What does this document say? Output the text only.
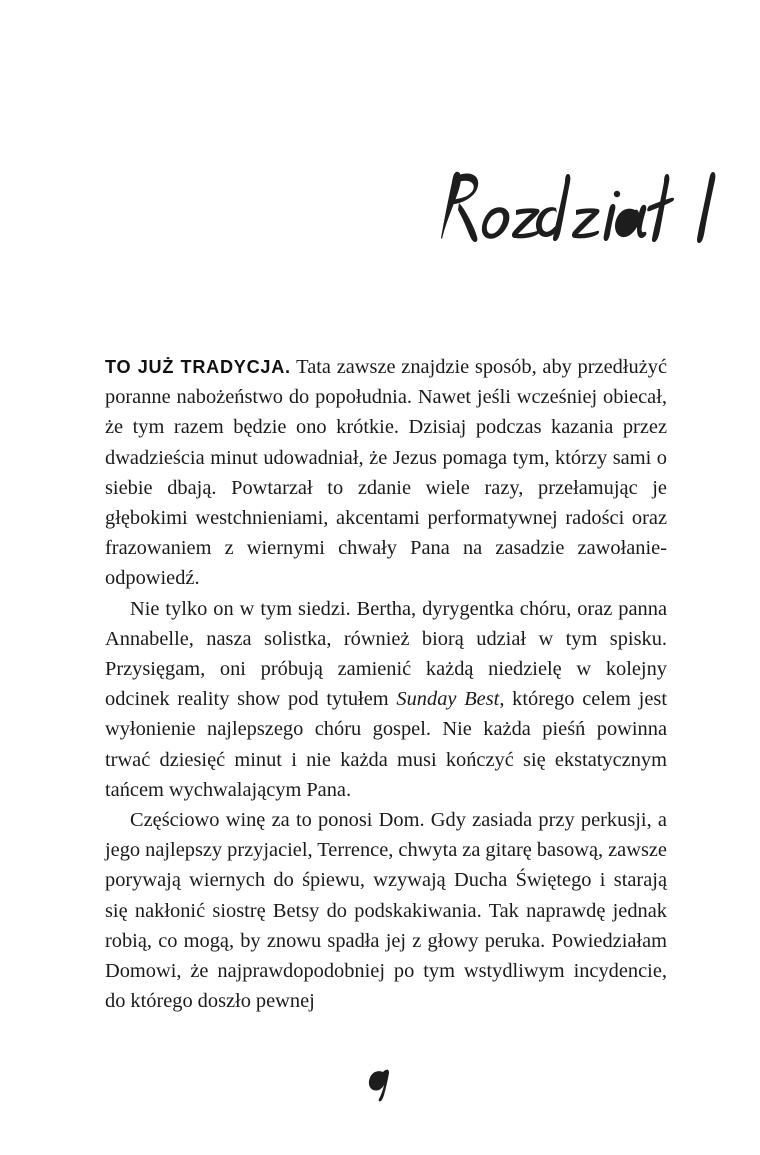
TO JUŻ TRADYCJA. Tata zawsze znajdzie sposób, aby przedłużyć poranne nabożeństwo do popołudnia. Nawet jeśli wcześniej obiecał, że tym razem będzie ono krótkie. Dzisiaj podczas kazania przez dwadzieścia minut udowadniał, że Jezus pomaga tym, którzy sami o siebie dbają. Powtarzał to zdanie wiele razy, przełamując je głębokimi westchnieniami, akcentami performatywnej radości oraz frazowaniem z wiernymi chwały Pana na zasadzie zawołanie-odpowiedź.

Nie tylko on w tym siedzi. Bertha, dyrygentka chóru, oraz panna Annabelle, nasza solistka, również biorą udział w tym spisku. Przysięgam, oni próbują zamienić każdą niedzielę w kolejny odcinek reality show pod tytułem Sunday Best, którego celem jest wyłonienie najlepszego chóru gospel. Nie każda pieśń powinna trwać dziesięć minut i nie każda musi kończyć się ekstatycznym tańcem wychwalającym Pana.

Częściowo winę za to ponosi Dom. Gdy zasiada przy perkusji, a jego najlepszy przyjaciel, Terrence, chwyta za gitarę basową, zawsze porywają wiernych do śpiewu, wzywają Ducha Świętego i starają się nakłonić siostrę Betsy do podskakiwania. Tak naprawdę jednak robią, co mogą, by znowu spadła jej z głowy peruka. Powiedziałam Domowi, że najprawdopodobniej po tym wstydliwym incydencie, do którego doszło pewnej
